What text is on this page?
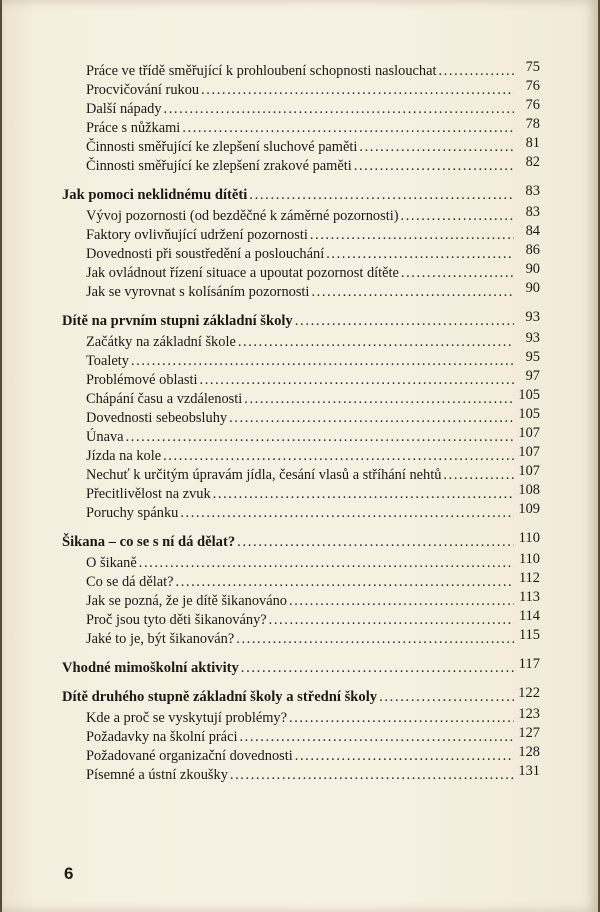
Práce ve třídě směřující k prohloubení schopnosti naslouchat . . .	75
Procvičování rukou . . .	76
Další nápady . . .	76
Práce s nůžkami . . .	78
Činnosti směřující ke zlepšení sluchové paměti . . .	81
Činnosti směřující ke zlepšení zrakové paměti . . .	82
Jak pomoci neklidnému dítěti . . .	83
Vývoj pozornosti (od bezděčné k záměrné pozornosti) . . .	83
Faktory ovlivňující udržení pozornosti . . .	84
Dovednosti při soustředění a poslouchání . . .	86
Jak ovládnout řízení situace a upoutat pozornost dítěte . . .	90
Jak se vyrovnat s kolísáním pozornosti . . .	90
Dítě na prvním stupni základní školy . . .	93
Začátky na základní škole . . .	93
Toalety . . .	95
Problémové oblasti . . .	97
Chápání času a vzdálenosti . . .	105
Dovednosti sebeobsluhy . . .	105
Únava . . .	107
Jízda na kole . . .	107
Nechuť k určitým úpravám jídla, česání vlasů a stříhání nehtů . . .	107
Přecitlivělost na zvuk . . .	108
Poruchy spánku . . .	109
Šikana – co se s ní dá dělat? . . .	110
O šikaně . . .	110
Co se dá dělat? . . .	112
Jak se pozná, že je dítě šikanováno . . .	113
Proč jsou tyto děti šikanovány? . . .	114
Jaké to je, být šikanován? . . .	115
Vhodné mimoškolní aktivity . . .	117
Dítě druhého stupně základní školy a střední školy . . .	122
Kde a proč se vyskytují problémy? . . .	123
Požadavky na školní práci . . .	127
Požadované organizační dovednosti . . .	128
Písemné a ústní zkoušky . . .	131
6
